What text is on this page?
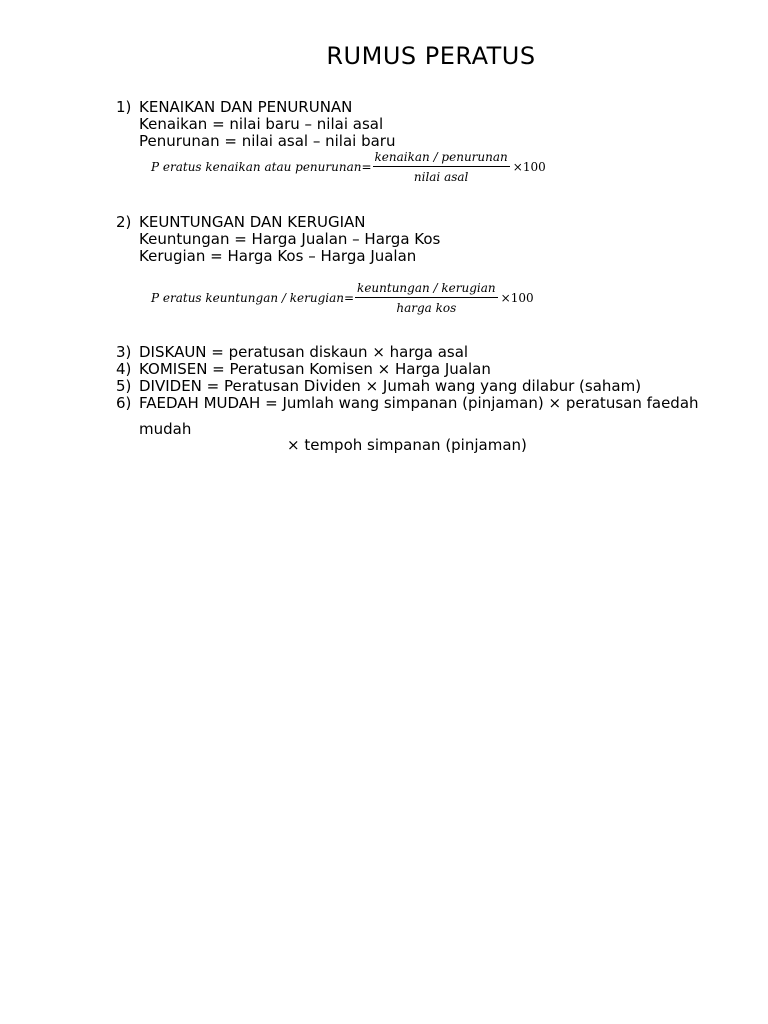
RUMUS PERATUS
1) KENAIKAN DAN PENURUNAN
Kenaikan = nilai baru – nilai asal
Penurunan = nilai asal – nilai baru
P eratus kenaikan atau penurunan= $\frac{\text{kenaikan / penurunan}}{\text{nilai asal}} \times 100$
2) KEUNTUNGAN DAN KERUGIAN
Keuntungan = Harga Jualan – Harga Kos
Kerugian = Harga Kos – Harga Jualan
P eratus keuntungan / kerugian= $\frac{\text{keuntungan / kerugian}}{\text{harga kos}} \times 100$
3) DISKAUN = peratusan diskaun × harga asal
4) KOMISEN = Peratusan Komisen × Harga Jualan
5) DIVIDEN = Peratusan Dividen × Jumah wang yang dilabur (saham)
6) FAEDAH MUDAH = Jumlah wang simpanan (pinjaman) × peratusan faedah
mudah
× tempoh simpanan (pinjaman)
